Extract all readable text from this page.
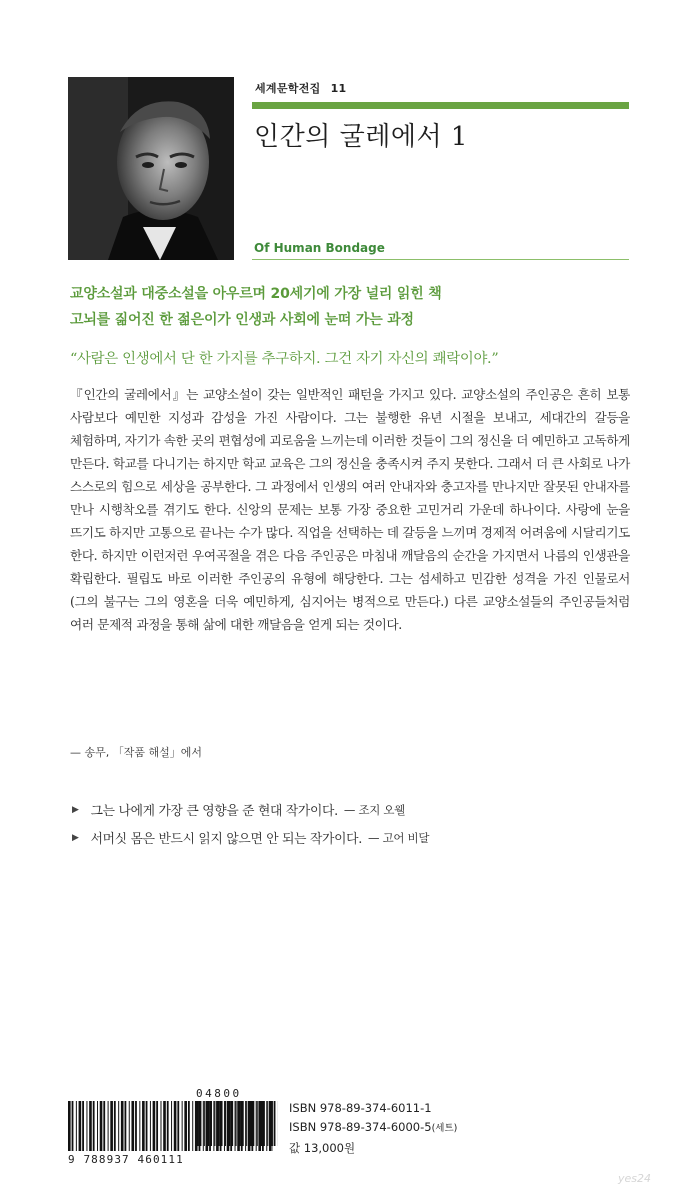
세계문학전집 11
인간의 굴레에서 1
Of Human Bondage
교양소설과 대중소설을 아우르며 20세기에 가장 널리 읽힌 책
고뇌를 짊어진 한 젊은이가 인생과 사회에 눈떠 가는 과정
“사람은 인생에서 단 한 가지를 추구하지. 그건 자기 자신의 쾌락이야.”
『인간의 굴레에서』는 교양소설이 갖는 일반적인 패턴을 가지고 있다. 교양소설의 주인공은 흔히 보통 사람보다 예민한 지성과 감성을 가진 사람이다. 그는 불행한 유년 시절을 보내고, 세대간의 갈등을 체험하며, 자기가 속한 곳의 편협성에 괴로움을 느끼는데 이러한 것들이 그의 정신을 더 예민하고 고독하게 만든다. 학교를 다니기는 하지만 학교 교육은 그의 정신을 충족시켜 주지 못한다. 그래서 더 큰 사회로 나가 스스로의 힘으로 세상을 공부한다. 그 과정에서 인생의 여러 안내자와 충고자를 만나지만 잘못된 안내자를 만나 시행착오를 겪기도 한다. 신앙의 문제는 보통 가장 중요한 고민거리 가운데 하나이다. 사랑에 눈을 뜨기도 하지만 고통으로 끝나는 수가 많다. 직업을 선택하는 데 갈등을 느끼며 경제적 어려움에 시달리기도 한다. 하지만 이런저런 우여곡절을 겪은 다음 주인공은 마침내 깨달음의 순간을 가지면서 나름의 인생관을 확립한다. 필립도 바로 이러한 주인공의 유형에 해당한다. 그는 섬세하고 민감한 성격을 가진 인물로서 (그의 불구는 그의 영혼을 더욱 예민하게, 심지어는 병적으로 만든다.) 다른 교양소설들의 주인공들처럼 여러 문제적 과정을 통해 삶에 대한 깨달음을 얻게 되는 것이다.
— 송무, 「작품 해설」에서
▶ 그는 나에게 가장 큰 영향을 준 현대 작가이다. — 조지 오웰
▶ 서머싯 몸은 반드시 읽지 않으면 안 되는 작가이다. — 고어 비달
9 788937 460111
04800
ISBN 978-89-374-6011-1
ISBN 978-89-374-6000-5(세트)
값 13,000원
yes24
